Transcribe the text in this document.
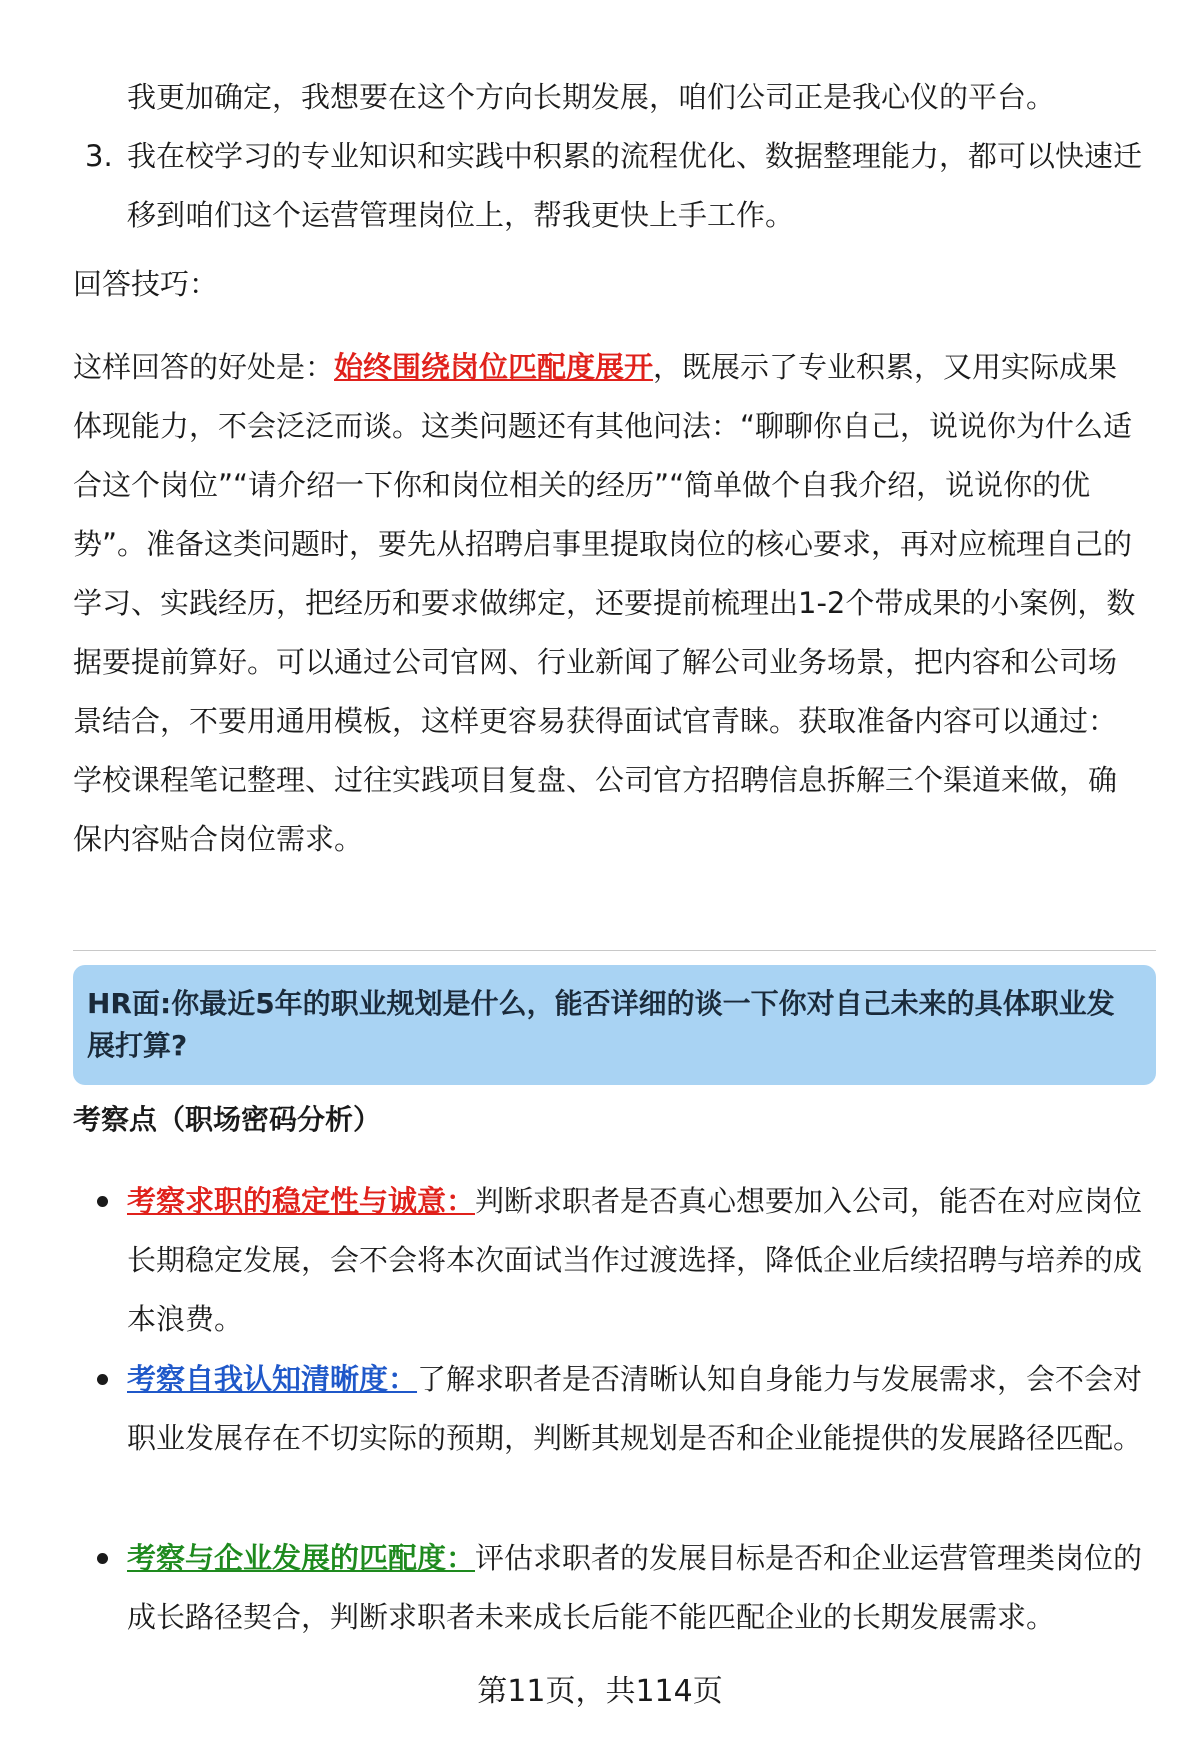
我更加确定，我想要在这个方向长期发展，咱们公司正是我心仪的平台。
3. 我在校学习的专业知识和实践中积累的流程优化、数据整理能力，都可以快速迁移到咱们这个运营管理岗位上，帮我更快上手工作。
回答技巧：
这样回答的好处是：始终围绕岗位匹配度展开，既展示了专业积累，又用实际成果体现能力，不会泛泛而谈。这类问题还有其他问法：“聊聊你自己，说说你为什么适合这个岗位”“请介绍一下你和岗位相关的经历”“简单做个自我介绍，说说你的优势”。准备这类问题时，要先从招聘启事里提取岗位的核心要求，再对应梳理自己的学习、实践经历，把经历和要求做绑定，还要提前梳理出1-2个带成果的小案例，数据要提前算好。可以通过公司官网、行业新闻了解公司业务场景，把内容和公司场景结合，不要用通用模板，这样更容易获得面试官青睐。获取准备内容可以通过：学校课程笔记整理、过往实践项目复盘、公司官方招聘信息拆解三个渠道来做，确保内容贴合岗位需求。
HR面:你最近5年的职业规划是什么，能否详细的谈一下你对自己未来的具体职业发展打算?
考察点（职场密码分析）
考察求职的稳定性与诚意：判断求职者是否真心想要加入公司，能否在对应岗位长期稳定发展，会不会将本次面试当作过渡选择，降低企业后续招聘与培养的成本浪费。
考察自我认知清晰度：了解求职者是否清晰认知自身能力与发展需求，会不会对职业发展存在不切实际的预期，判断其规划是否和企业能提供的发展路径匹配。
考察与企业发展的匹配度：评估求职者的发展目标是否和企业运营管理类岗位的成长路径契合，判断求职者未来成长后能不能匹配企业的长期发展需求。
第11页，共114页
